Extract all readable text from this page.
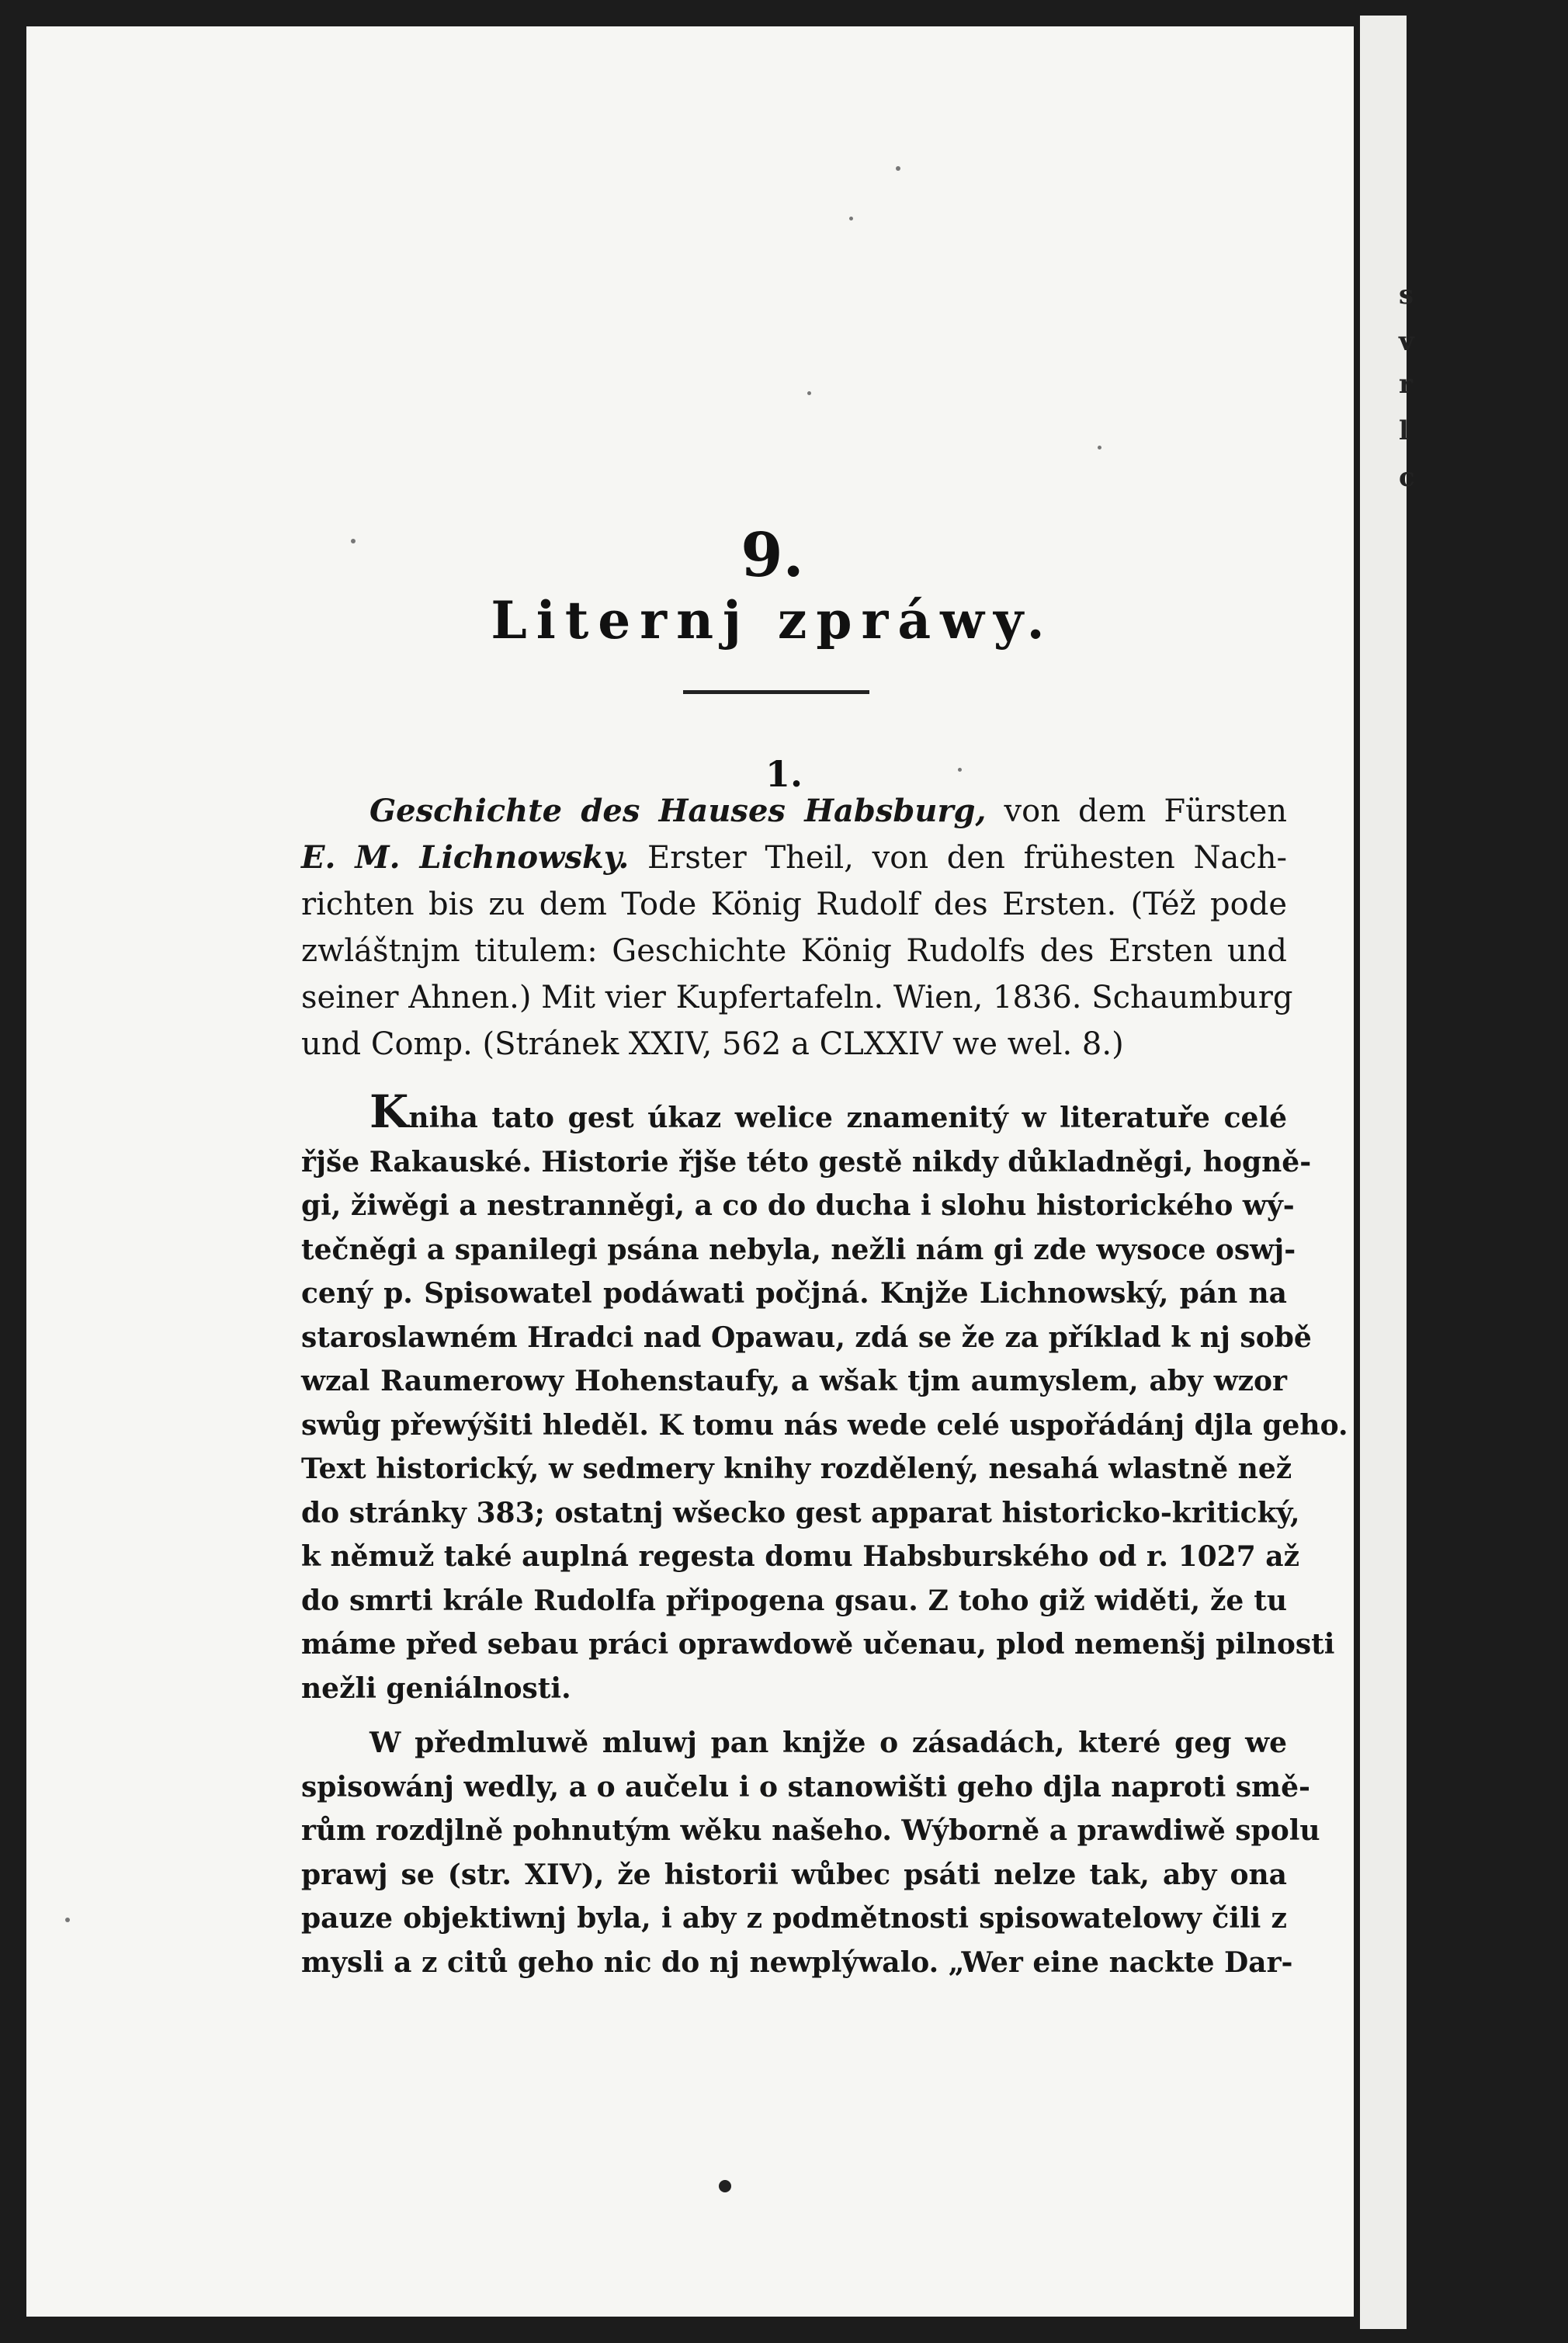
s
v
r
l
c
9.
Liternj zpráwy.
1.
Geschichte des Hauses Habsburg, von dem Fürsten
E. M. Lichnowsky. Erster Theil, von den frühesten Nach-
richten bis zu dem Tode König Rudolf des Ersten. (Též pode
zwláštnjm titulem: Geschichte König Rudolfs des Ersten und
seiner Ahnen.) Mit vier Kupfertafeln. Wien, 1836. Schaumburg
und Comp. (Stránek XXIV, 562 a CLXXIV we wel. 8.)
Kniha tato gest úkaz welice znamenitý w literatuře celé
řjše Rakauské. Historie řjše této gestě nikdy důkladněgi, hogně-
gi, žiwěgi a nestranněgi, a co do ducha i slohu historického wý-
tečněgi a spanilegi psána nebyla, nežli nám gi zde wysoce oswj-
cený p. Spisowatel podáwati počjná. Knjže Lichnowský, pán na
staroslawném Hradci nad Opawau, zdá se že za příklad k nj sobě
wzal Raumerowy Hohenstaufy, a wšak tjm aumyslem, aby wzor
swůg přewýšiti hleděl. K tomu nás wede celé uspořádánj djla geho.
Text historický, w sedmery knihy rozdělený, nesahá wlastně než
do stránky 383; ostatnj wšecko gest apparat historicko-kritický,
k němuž také auplná regesta domu Habsburského od r. 1027 až
do smrti krále Rudolfa připogena gsau. Z toho giž widěti, že tu
máme před sebau práci oprawdowě učenau, plod nemenšj pilnosti
nežli geniálnosti.
W předmluwě mluwj pan knjže o zásadách, které geg we
spisowánj wedly, a o aučelu i o stanowišti geho djla naproti smě-
rům rozdjlně pohnutým wěku našeho. Wýborně a prawdiwě spolu
prawj se (str. XIV), že historii wůbec psáti nelze tak, aby ona
pauze objektiwnj byla, i aby z podmětnosti spisowatelowy čili z
mysli a z citů geho nic do nj newplýwalo. „Wer eine nackte Dar-
